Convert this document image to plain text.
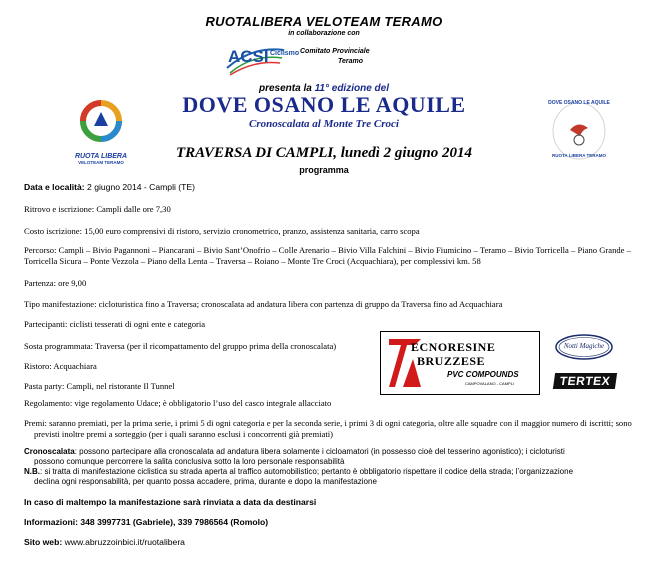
RUOTALIBERA VELOTEAM TERAMO
in collaborazione con
ACSI Ciclismo Comitato Provinciale
Teramo
presenta la 11° edizione del
DOVE OSANO LE AQUILE
Cronoscalata al Monte Tre Croci
TRAVERSA DI CAMPLI, lunedì 2 giugno 2014
programma
RUOTA LIBERA
VELOTEAM TERAMO
DOVE OSANO LE AQUILE
RUOTA LIBERA TERAMO
Data e località: 2 giugno 2014 - Campli (TE)
Ritrovo e iscrizione: Campli dalle ore 7,30
Costo iscrizione: 15,00 euro comprensivi di ristoro, servizio cronometrico, pranzo, assistenza sanitaria, carro scopa
Percorso: Campli – Bivio Pagannoni – Piancarani – Bivio Sant’Onofrio – Colle Arenario – Bivio Villa Falchini – Bivio Fiumicino – Teramo – Bivio Torricella – Piano Grande –
Torricella Sicura – Ponte Vezzola – Piano della Lenta – Traversa – Roiano – Monte Tre Croci (Acquachiara), per complessivi km. 58
Partenza: ore 9,00
Tipo manifestazione: cicloturistica fino a Traversa; cronoscalata ad andatura libera con partenza di gruppo da Traversa fino ad Acquachiara
Partecipanti: ciclisti tesserati di ogni ente e categoria
Sosta programmata: Traversa (per il ricompattamento del gruppo prima della cronoscalata)
Ristoro: Acquachiara
Pasta party: Campli, nel ristorante Il Tunnel
Regolamento: vige regolamento Udace; è obbligatorio l’uso del casco integrale allacciato
Premi: saranno premiati, per la prima serie, i primi 5 di ogni categoria e per la seconda serie, i primi 3 di ogni categoria, oltre alle squadre con il maggior numero di iscritti; sono
previsti inoltre premi a sorteggio (per i quali saranno esclusi i concorrenti già premiati)
Cronoscalata: possono partecipare alla cronoscalata ad andatura libera solamente i cicloamatori (in possesso cioè del tesserino agonistico); i cicloturisti
possono comunque percorrere la salita conclusiva sotto la loro personale responsabilità
N.B.: si tratta di manifestazione ciclistica su strada aperta al traffico automobilistico; pertanto è obbligatorio rispettare il codice della strada; l’organizzazione
declina ogni responsabilità, per quanto possa accadere, prima, durante e dopo la manifestazione
In caso di maltempo la manifestazione sarà rinviata a data da destinarsi
Informazioni: 348 3997731 (Gabriele), 339 7986564 (Romolo)
Sito web: www.abruzzoinbici.it/ruotalibera
ECNORESINE
BRUZZESE
PVC COMPOUNDS
CAMPOVALANO - CAMPLI
Notti Magiche
TERTEX
